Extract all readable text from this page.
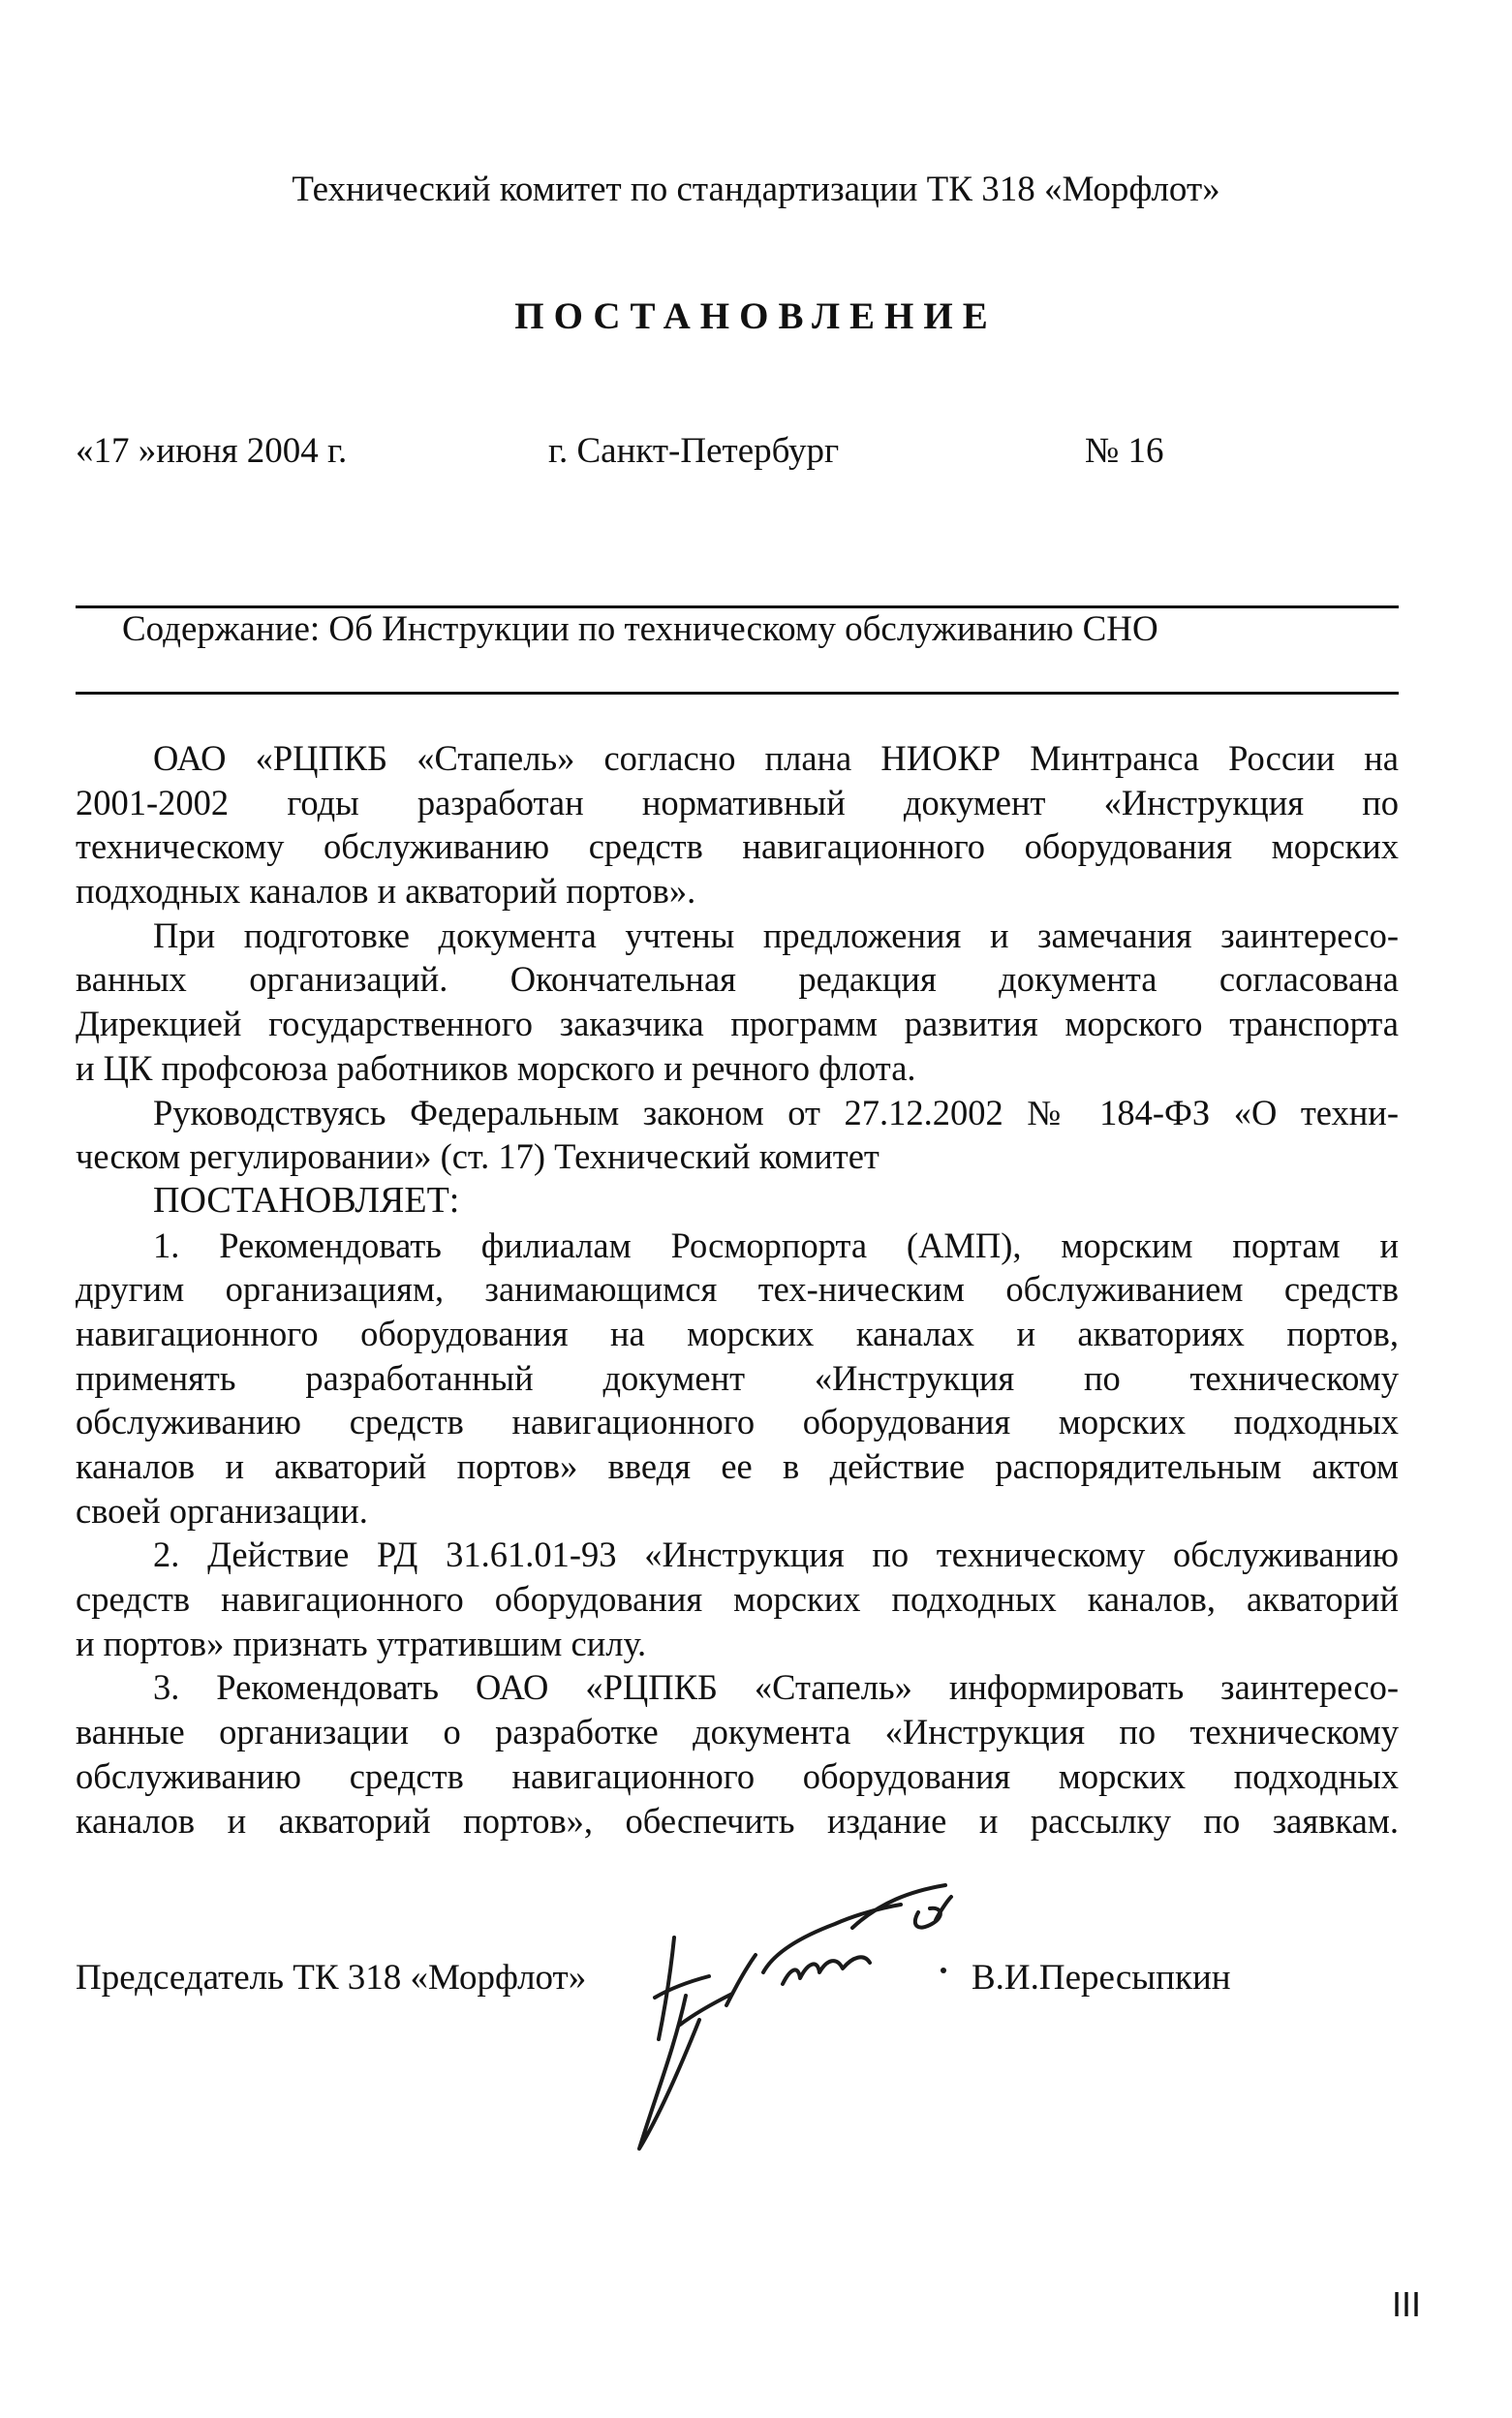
Технический комитет по стандартизации ТК 318 «Морфлот»
ПОСТАНОВЛЕНИЕ
«17 »июня 2004 г.	г. Санкт-Петербург	№ 16
Содержание: Об Инструкции по техническому обслуживанию СНО
ОАО «РЦПКБ «Стапель» согласно плана НИОКР Минтранса России на
2001-2002 годы разработан нормативный документ «Инструкция по
техническому обслуживанию средств навигационного оборудования морских
подходных каналов и акваторий портов».
При подготовке документа учтены предложения и замечания заинтересо-
ванных организаций. Окончательная редакция документа согласована
Дирекцией государственного заказчика программ развития морского транспорта
и ЦК профсоюза работников морского и речного флота.
Руководствуясь Федеральным законом от 27.12.2002 № 184-ФЗ «О техни-
ческом регулировании» (ст. 17) Технический комитет
ПОСТАНОВЛЯЕТ:
1. Рекомендовать филиалам Росморпорта (АМП), морским портам и
другим организациям, занимающимся тех-ническим обслуживанием средств
навигационного оборудования на морских каналах и акваториях портов,
применять разработанный документ «Инструкция по техническому
обслуживанию средств навигационного оборудования морских подходных
каналов и акваторий портов» введя ее в действие распорядительным актом
своей организации.
2. Действие РД 31.61.01-93 «Инструкция по техническому обслуживанию
средств навигационного оборудования морских подходных каналов, акваторий
и портов» признать утратившим силу.
3. Рекомендовать ОАО «РЦПКБ «Стапель» информировать заинтересо-
ванные организации о разработке документа «Инструкция по техническому
обслуживанию средств навигационного оборудования морских подходных
каналов и акваторий портов», обеспечить издание и рассылку по заявкам.
Председатель ТК 318 «Морфлот»	В.И.Пересыпкин
III
